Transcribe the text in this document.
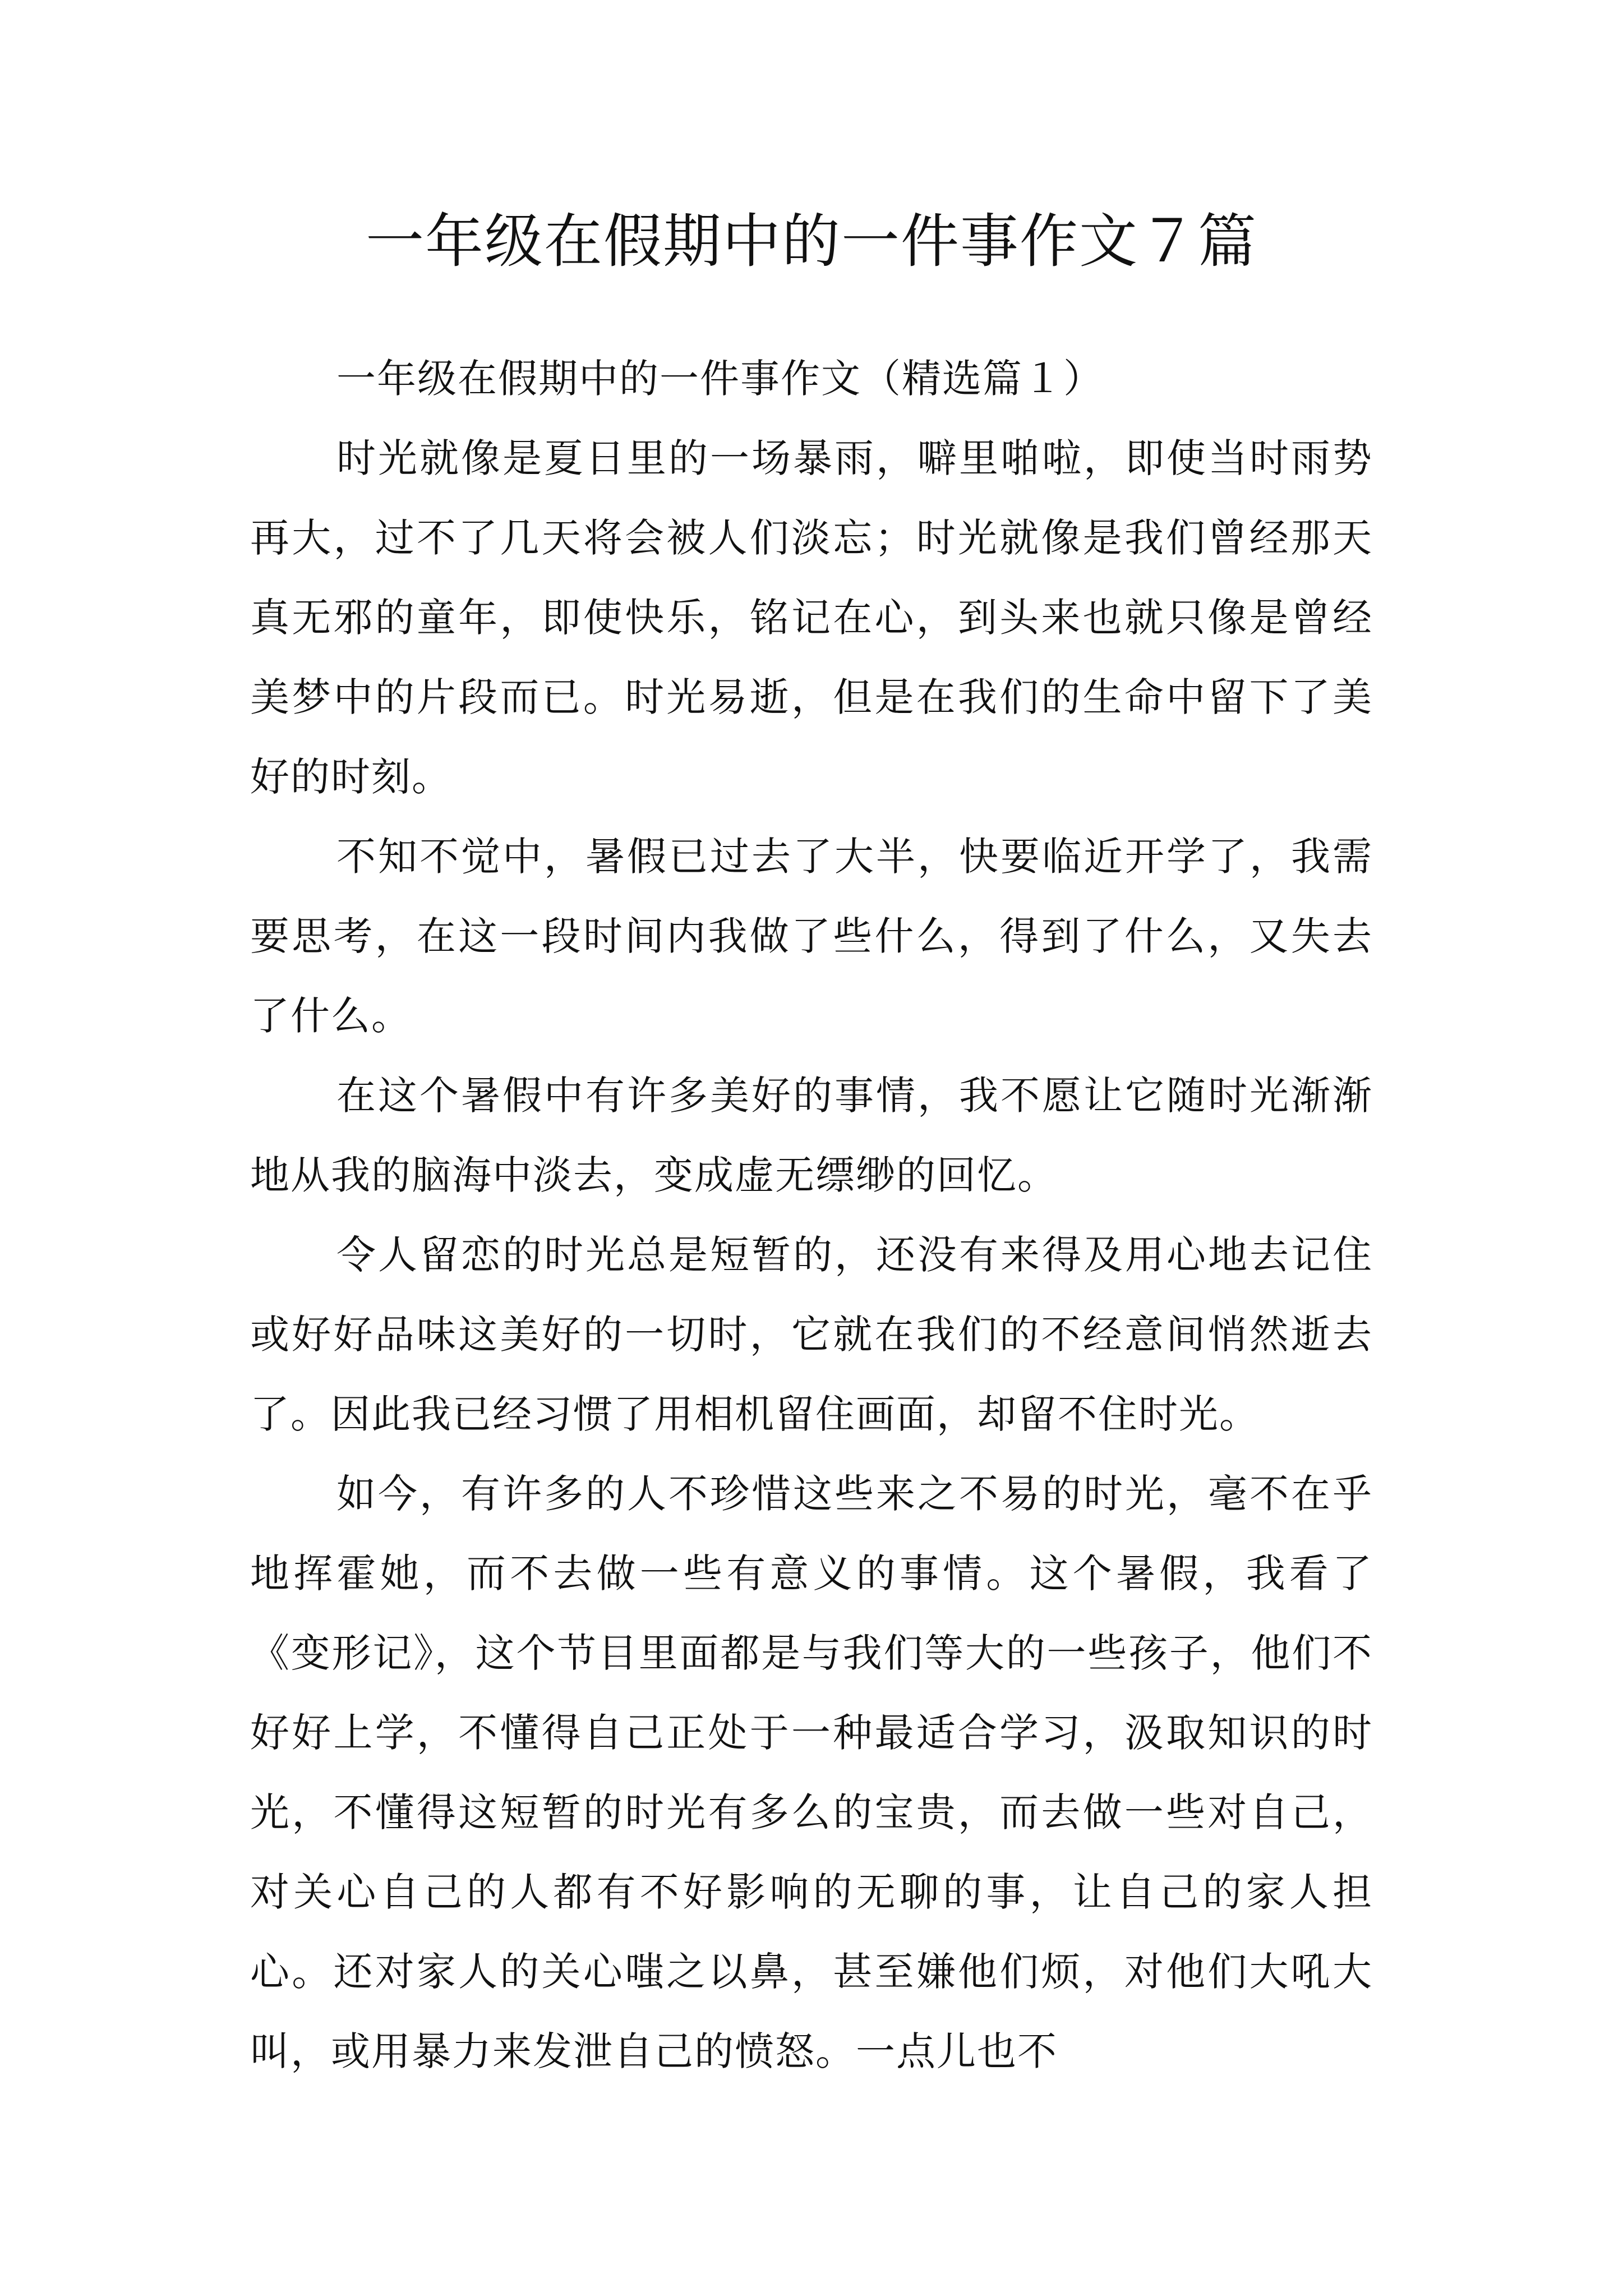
一年级在假期中的一件事作文７篇

一年级在假期中的一件事作文（精选篇１）

时光就像是夏日里的一场暴雨，噼里啪啦，即使当时雨势再大，过不了几天将会被人们淡忘；时光就像是我们曾经那天真无邪的童年，即使快乐，铭记在心，到头来也就只像是曾经美梦中的片段而已。时光易逝，但是在我们的生命中留下了美好的时刻。

不知不觉中，暑假已过去了大半，快要临近开学了，我需要思考，在这一段时间内我做了些什么，得到了什么，又失去了什么。

在这个暑假中有许多美好的事情，我不愿让它随时光渐渐地从我的脑海中淡去，变成虚无缥缈的回忆。

令人留恋的时光总是短暂的，还没有来得及用心地去记住或好好品味这美好的一切时，它就在我们的不经意间悄然逝去了。因此我已经习惯了用相机留住画面，却留不住时光。

如今，有许多的人不珍惜这些来之不易的时光，毫不在乎地挥霍她，而不去做一些有意义的事情。这个暑假，我看了《变形记》，这个节目里面都是与我们等大的一些孩子，他们不好好上学，不懂得自己正处于一种最适合学习，汲取知识的时光，不懂得这短暂的时光有多么的宝贵，而去做一些对自己，对关心自己的人都有不好影响的无聊的事，让自己的家人担心。还对家人的关心嗤之以鼻，甚至嫌他们烦，对他们大吼大叫，或用暴力来发泄自己的愤怒。一点儿也不
